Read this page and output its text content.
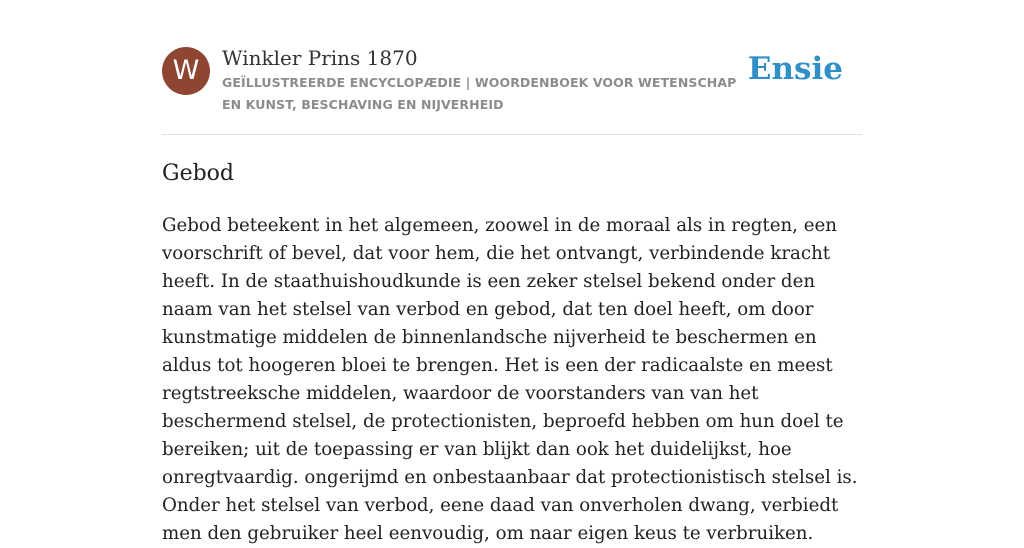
W	Winkler Prins 1870
GEÏLLUSTREERDE ENCYCLOPÆDIE | WOORDENBOEK VOOR WETENSCHAP EN KUNST, BESCHAVING EN NIJVERHEID
Ensie
Gebod

Gebod beteekent in het algemeen, zoowel in de moraal als in regten, een voorschrift of bevel, dat voor hem, die het ontvangt, verbindende kracht heeft. In de staathuishoudkunde is een zeker stelsel bekend onder den naam van het stelsel van verbod en gebod, dat ten doel heeft, om door kunstmatige middelen de binnenlandsche nijverheid te beschermen en aldus tot hoogeren bloei te brengen. Het is een der radicaalste en meest regtstreeksche middelen, waardoor de voorstanders van van het beschermend stelsel, de protectionisten, beproefd hebben om hun doel te bereiken; uit de toepassing er van blijkt dan ook het duidelijkst, hoe onregtvaardig. ongerijmd en onbestaanbaar dat protectionistisch stelsel is. Onder het stelsel van verbod, eene daad van onverholen dwang, verbiedt men den gebruiker heel eenvoudig, om naar eigen keus te verbruiken.
